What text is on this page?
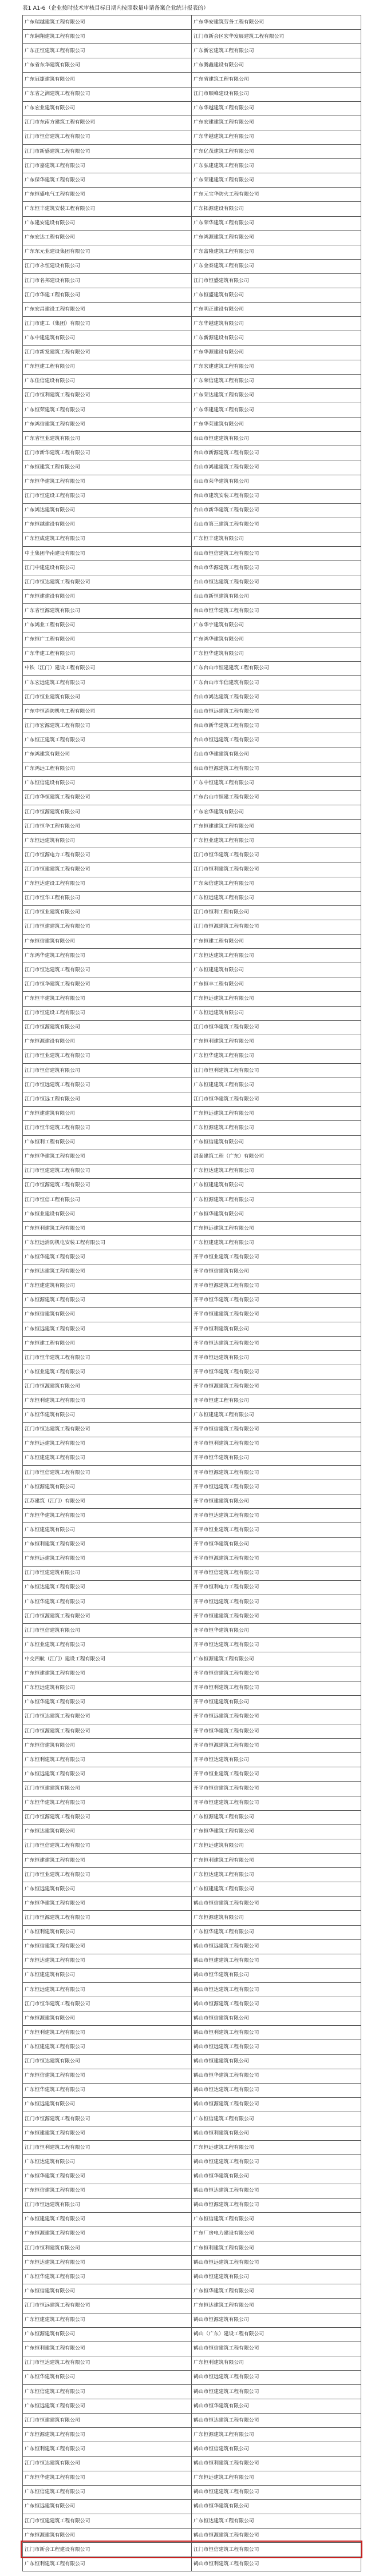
表1 A1-6（企业按时技术审核目标日期内按照数量申请备案企业统计报表的）
广东瑞越建筑工程有限公司	广东华安建筑劳务工程有限公司
广东翱翔建筑工程有限公司	江门市新会区宏华发展建筑工程有限公司
广东正恒建筑工程有限公司	广东新宏建筑工程有限公司
广东省东华建筑有限公司	广东腾鑫建设有限公司
广东冠捷建筑有限公司	广东省建筑工程有限公司
广东省之洲建筑工程有限公司	江门市顺峰建设有限公司
广东宏业建筑有限公司	广东华越建筑工程有限公司
江门市东南方建筑工程有限公司	广东宏建建筑工程有限公司
江门市恒信建筑工程有限公司	广东华越建筑工程有限公司
江门市新盛建筑工程有限公司	广东亿茂建筑工程有限公司
江门市嘉建筑工程有限公司	广东弘建建筑工程有限公司
广东保华建筑工程有限公司	广东荣建建筑工程有限公司
广东恒盛电气工程有限公司	广东元宝华防火工程有限公司
广东恒丰建筑安装工程有限公司	广东拓源建设有限公司
广东建安建设有限公司	广东荣华建筑工程有限公司
广东宏达工程有限公司	广东鸿源建筑工程有限公司
广东东元业建设集团有限公司	广东富隆建筑工程有限公司
江门市永恒建设有限公司	广东金泰建筑工程有限公司
江门市名邦建设有限公司	江门市恒盛建筑有限公司
江门市华建工程有限公司	广东恒盛建筑有限公司
广东宏昌建设工程有限公司	广东明正建设有限公司
江门市建工（集团）有限公司	广东华越建筑有限公司
广东中建建筑有限公司	广东新源建设有限公司
江门市新发建筑工程有限公司	广东华源建设有限公司
广东恒建工程有限公司	广东宏建建筑工程有限公司
广东佳信建设有限公司	广东荣信建筑工程有限公司
江门市恒利建筑工程有限公司	广东荣达建筑工程有限公司
广东恒荣建筑工程有限公司	广东华建建筑工程有限公司
广东鸿信建筑工程有限公司	广东华荣建筑有限公司
广东省恒业建筑有限公司	台山市恒建建筑有限公司
江门市新华建筑工程有限公司	台山市新源建筑工程有限公司
广东恒建筑工程有限公司	台山市鸿建建筑工程有限公司
广东恒华建筑工程有限公司	台山市荣华建筑有限公司
江门市恒建设工程有限公司	台山市建筑安装工程有限公司
广东鸿达建筑有限公司	台山市新华建筑工程有限公司
广东恒越建设有限公司	台山市第三建筑工程有限公司
广东恒成建筑工程有限公司	广东恒丰建筑有限公司
中土集团华南建设有限公司	台山市恒信建筑工程有限公司
江门中建建设有限公司	台山市华源建筑工程有限公司
江门市恒达建筑工程有限公司	台山市恒达建筑工程有限公司
广东恒建建设有限公司	台山市新恒建筑有限公司
广东省恒源建筑有限公司	台山市恒华建筑工程有限公司
广东鸿业工程有限公司	广东华宇建筑有限公司
广东恒广工程有限公司	广东鸿华建筑有限公司
广东华建工程有限公司	广东恒华建筑有限公司
中铁（江门）建设工程有限公司	广东台山市恒建建筑工程有限公司
广东宏远建筑工程有限公司	广东台山市华信建筑有限公司
江门市恒业建筑有限公司	台山市鸿达建筑工程有限公司
广东中恒消防机电工程有限公司	台山市恒远建筑工程有限公司
江门市宏源建筑工程有限公司	台山市新华建筑工程有限公司
广东恒正建筑工程有限公司	台山市恒远建筑工程有限公司
广东鸿建筑有限公司	台山市华建建筑有限公司
广东鸿远工程有限公司	台山市恒源建筑工程有限公司
广东恒信建设有限公司	广东中恒建筑工程有限公司
江门市华恒建筑工程有限公司	广东台山市恒建工程有限公司
江门市恒源建筑有限公司	广东宏华建筑有限公司
江门市恒华工程有限公司	广东恒建建筑工程有限公司
广东恒远建筑有限公司	广东恒业建筑工程有限公司
江门市恒源电力工程有限公司	江门市恒华建筑工程有限公司
江门市恒建建筑工程有限公司	江门市恒利建筑工程有限公司
广东恒达建设工程有限公司	广东荣信建筑工程有限公司
江门市恒华工程有限公司	广东恒远建筑工程有限公司
江门市恒业建筑有限公司	江门市恒利工程有限公司
江门市恒建建筑工程有限公司	江门市恒源建筑工程有限公司
广东恒信建筑有限公司	广东恒建工程有限公司
广东鸿华建筑工程有限公司	广东恒达建筑工程有限公司
江门市恒达建筑工程有限公司	广东恒建建筑有限公司
江门市恒华建筑工程有限公司	广东恒丰工程有限公司
广东恒丰建筑工程有限公司	广东恒远建筑工程有限公司
江门市恒建设工程有限公司	广东恒远建筑有限公司
江门市恒源建筑有限公司	江门市恒华建筑工程有限公司
广东恒源建设有限公司	广东恒利建筑工程有限公司
江门市恒业建筑工程有限公司	广东恒华建筑工程有限公司
江门市恒信建筑有限公司	江门市恒利建筑工程有限公司
江门市恒远建筑工程有限公司	广东恒建建筑工程有限公司
江门市恒远工程有限公司	江门市恒华建筑工程有限公司
广东恒建建筑有限公司	广东恒远建筑工程有限公司
江门市恒华建筑工程有限公司	广东恒源建筑工程有限公司
广东恒利工程有限公司	广东恒信建筑有限公司
广东恒华建筑工程有限公司	洪泰建筑工程（广东）有限公司
江门市恒建建筑工程有限公司	广东恒达建筑工程有限公司
江门市恒源建筑工程有限公司	广东恒建建筑有限公司
江门市恒信工程有限公司	广东恒源建筑工程有限公司
广东恒业建设有限公司	广东恒华建筑有限公司
广东恒利建筑工程有限公司	广东恒远建筑工程有限公司
广东恒远消防机电安装工程有限公司	广东恒建建筑工程有限公司
广东恒华建筑工程有限公司	开平市恒业建筑工程有限公司
广东恒达建筑工程有限公司	开平市恒信建筑有限公司
广东恒建建筑有限公司	开平市恒源建筑工程有限公司
广东恒源建筑工程有限公司	开平市恒华建筑工程有限公司
广东恒信建筑有限公司	开平市恒建建筑工程有限公司
广东恒远建筑工程有限公司	开平市恒利建筑有限公司
广东恒建工程有限公司	开平市恒达建筑工程有限公司
江门市恒华建筑工程有限公司	开平市恒远建筑有限公司
广东恒业建筑工程有限公司	开平市恒华建筑工程有限公司
江门市恒源建筑有限公司	开平市恒源建筑工程有限公司
广东恒利建筑工程有限公司	开平市恒建工程有限公司
广东恒华建筑有限公司	广东恒建建筑工程有限公司
江门市恒达建筑工程有限公司	开平市恒信建筑工程有限公司
广东恒远建筑工程有限公司	开平市恒利建筑工程有限公司
广东恒建建筑工程有限公司	开平市恒华建筑有限公司
江门市恒信建筑工程有限公司	开平市恒源建筑工程有限公司
广东恒源建筑有限公司	开平市恒远建筑工程有限公司
江苏建筑（江门）有限公司	开平市恒建建筑有限公司
广东恒华建筑工程有限公司	开平市恒达建筑工程有限公司
广东恒建建筑有限公司	开平市恒业建筑工程有限公司
广东恒利建筑工程有限公司	开平市恒华建筑有限公司
广东恒远建筑工程有限公司	开平市恒源建筑工程有限公司
江门市恒建建筑有限公司	开平市恒信建筑工程有限公司
广东恒达建筑工程有限公司	开平市恒利电力工程有限公司
广东恒华建筑工程有限公司	开平市恒远建筑工程有限公司
江门市恒源建筑工程有限公司	开平市恒建建筑工程有限公司
江门市恒信建筑有限公司	开平市恒华建筑有限公司
广东恒业建筑工程有限公司	开平市恒达建筑工程有限公司
中交四航（江门）建设工程有限公司	广东恒源建筑工程有限公司
广东恒建建筑工程有限公司	开平市恒信建筑工程有限公司
广东恒远建筑有限公司	开平市恒利建筑工程有限公司
广东恒华建筑工程有限公司	开平市恒建建筑有限公司
江门市恒达建筑工程有限公司	开平市恒远建筑工程有限公司
江门市恒源建筑工程有限公司	开平市恒华建筑工程有限公司
广东恒信建筑有限公司	开平市恒源建筑工程有限公司
广东恒利建筑工程有限公司	开平市恒达建筑有限公司
广东恒远建筑工程有限公司	开平市恒业建筑工程有限公司
江门市恒建建筑有限公司	开平市恒信建筑工程有限公司
广东恒华建筑工程有限公司	开平市恒建建筑工程有限公司
江门市恒源建筑工程有限公司	广东恒源建筑工程有限公司
广东恒达建筑有限公司	广东恒华建筑工程有限公司
江门市恒信建筑工程有限公司	广东恒远建筑有限公司
广东恒建建筑工程有限公司	广东恒利建筑工程有限公司
江门市恒业建筑工程有限公司	广东恒达建筑工程有限公司
广东恒远建筑有限公司	广东恒建建筑工程有限公司
广东恒华建筑工程有限公司	鹤山市恒信建筑工程有限公司
江门市恒源建筑工程有限公司	广东恒源建筑有限公司
广东恒利建筑有限公司	广东恒华建筑工程有限公司
广东恒信建筑工程有限公司	鹤山市恒远建筑工程有限公司
广东恒达建筑工程有限公司	鹤山市恒建建筑工程有限公司
广东恒建建筑有限公司	鹤山市恒华建筑有限公司
广东恒远建筑工程有限公司	鹤山市恒达建筑工程有限公司
江门市恒华建筑工程有限公司	鹤山市恒源建筑工程有限公司
广东恒源建筑有限公司	鹤山市恒信建筑有限公司
广东恒利建筑工程有限公司	鹤山市恒利建筑工程有限公司
广东恒建建筑工程有限公司	鹤山市恒远建筑工程有限公司
江门市恒达建筑有限公司	鹤山市恒建建筑有限公司
广东恒信建筑工程有限公司	鹤山市恒华建筑工程有限公司
广东恒华建筑工程有限公司	鹤山市恒达建筑工程有限公司
广东恒远建筑有限公司	鹤山市恒源建筑工程有限公司
江门市恒源建筑工程有限公司	广东恒信建筑工程有限公司
广东恒建建筑工程有限公司	鹤山市恒利建筑有限公司
江门市恒利建筑工程有限公司	广东恒远建筑工程有限公司
广东恒达建筑有限公司	鹤山市恒建建筑工程有限公司
广东恒华建筑工程有限公司	鹤山市恒华建筑有限公司
广东恒信建筑工程有限公司	鹤山市恒达建筑工程有限公司
江门市恒远建筑有限公司	鹤山市恒源建筑工程有限公司
广东恒建建筑工程有限公司	广东恒信建筑工程有限公司
广东恒源建筑工程有限公司	广东厂房电力建设有限公司
江门市恒利建筑有限公司	广东恒利建筑工程有限公司
广东恒达建筑工程有限公司	鹤山市恒远建筑工程有限公司
广东恒华建筑工程有限公司	鹤山市恒建建筑有限公司
广东恒信建筑有限公司	广东恒华建筑工程有限公司
江门市恒远建筑工程有限公司	广东恒达建筑工程有限公司
广东恒建建筑工程有限公司	鹤山市恒源建筑有限公司
广东恒源建筑有限公司	鹤山（广东）建设工程有限公司
广东恒利建筑工程有限公司	鹤山市恒信建筑工程有限公司
江门市恒达建筑工程有限公司	广东恒利建筑有限公司
广东恒华建筑有限公司	鹤山市恒远建筑工程有限公司
广东恒信建筑工程有限公司	鹤山市恒建建筑工程有限公司
广东恒远建筑工程有限公司	鹤山市恒华建筑有限公司
江门市恒建建筑有限公司	鹤山市恒达建筑工程有限公司
广东恒源建筑工程有限公司	广东恒源建筑工程有限公司
广东恒利建筑工程有限公司	鹤山市恒信建筑有限公司
江门市恒达建筑有限公司	鹤山市恒利建筑工程有限公司
广东恒华建筑工程有限公司	广东恒远建筑工程有限公司
广东恒信建筑工程有限公司	鹤山市恒建建筑工程有限公司
广东恒远建筑有限公司	鹤山市恒华建筑有限公司
江门市恒建建筑工程有限公司	广东恒达建筑工程有限公司
广东恒源建筑有限公司	鹤山市恒源建筑工程有限公司
江门市新会工程建设有限公司	江门市恒信建筑工程有限公司
广东恒利建筑工程有限公司	鹤山市恒利建筑工程有限公司
